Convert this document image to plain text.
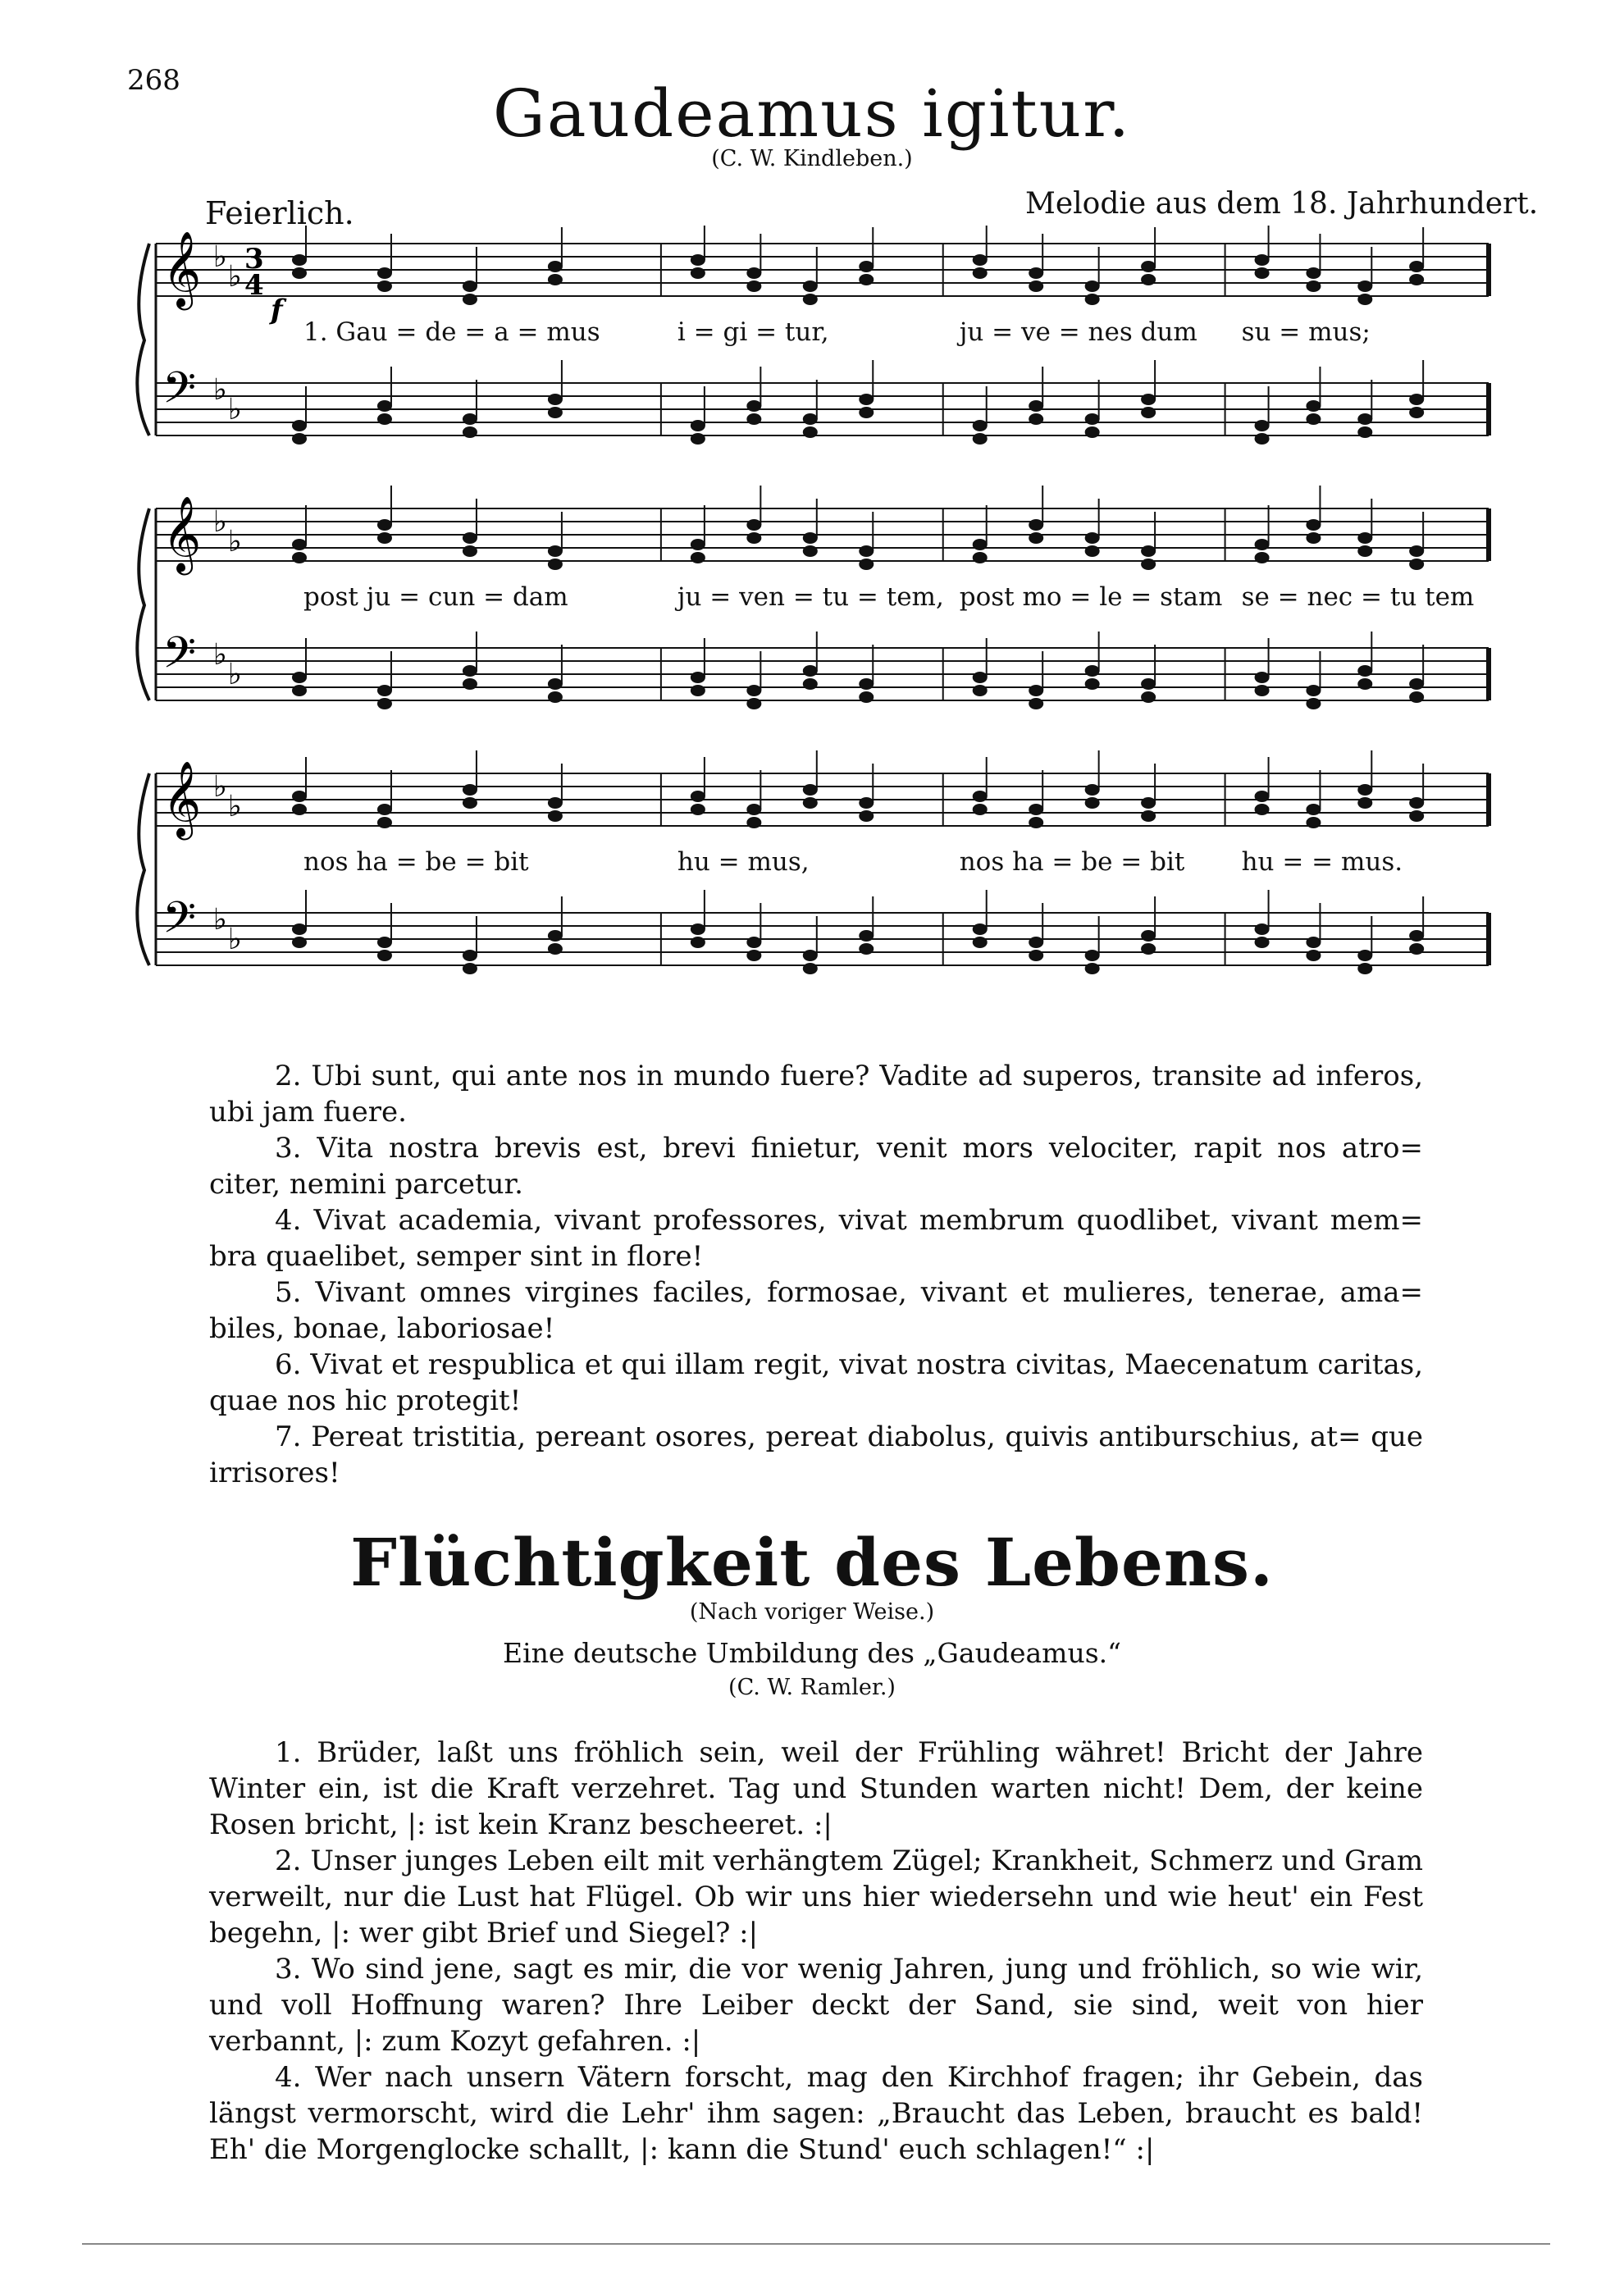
268	Gaudeamus igitur.
(C. W. Kindleben.)
Feierlich.	Melodie aus dem 18. Jahrhundert.
𝄞 ♭
♭
𝄢 ♭
♭
1. Gau = de = a = mus	i = gi = tur,	ju = ve = nes dum su = mus;
3
4
f
𝄞 ♭
♭
𝄢 ♭
♭
post ju = cun = dam	ju = ven = tu = tem, post mo = le = stam se = nec = tu tem
𝄞 ♭
♭
𝄢 ♭
♭
nos ha = be = bit	hu = mus,	nos ha = be = bit hu = = mus.

2. Ubi sunt, qui ante nos in mundo fuere? Vadite ad superos, transite ad inferos, ubi jam fuere.

3. Vita nostra brevis est, brevi finietur, venit mors velociter, rapit nos atro= citer, nemini parcetur.

4. Vivat academia, vivant professores, vivat membrum quodlibet, vivant mem= bra quaelibet, semper sint in flore!

5. Vivant omnes virgines faciles, formosae, vivant et mulieres, tenerae, ama= biles, bonae, laboriosae!

6. Vivat et respublica et qui illam regit, vivat nostra civitas, Maecenatum caritas, quae nos hic protegit!

7. Pereat tristitia, pereant osores, pereat diabolus, quivis antiburschius, at= que irrisores!

Flüchtigkeit des Lebens.
(Nach voriger Weise.)
Eine deutsche Umbildung des „Gaudeamus.“
(C. W. Ramler.)

1. Brüder, laßt uns fröhlich sein, weil der Frühling währet! Bricht der Jahre Winter ein, ist die Kraft verzehret. Tag und Stunden warten nicht! Dem, der keine Rosen bricht, |: ist kein Kranz bescheeret. :|

2. Unser junges Leben eilt mit verhängtem Zügel; Krankheit, Schmerz und Gram verweilt, nur die Lust hat Flügel. Ob wir uns hier wiedersehn und wie heut' ein Fest begehn, |: wer gibt Brief und Siegel? :|

3. Wo sind jene, sagt es mir, die vor wenig Jahren, jung und fröhlich, so wie wir, und voll Hoffnung waren? Ihre Leiber deckt der Sand, sie sind, weit von hier verbannt, |: zum Kozyt gefahren. :|

4. Wer nach unsern Vätern forscht, mag den Kirchhof fragen; ihr Gebein, das längst vermorscht, wird die Lehr' ihm sagen: „Braucht das Leben, braucht es bald! Eh' die Morgenglocke schallt, |: kann die Stund' euch schlagen!“ :|
